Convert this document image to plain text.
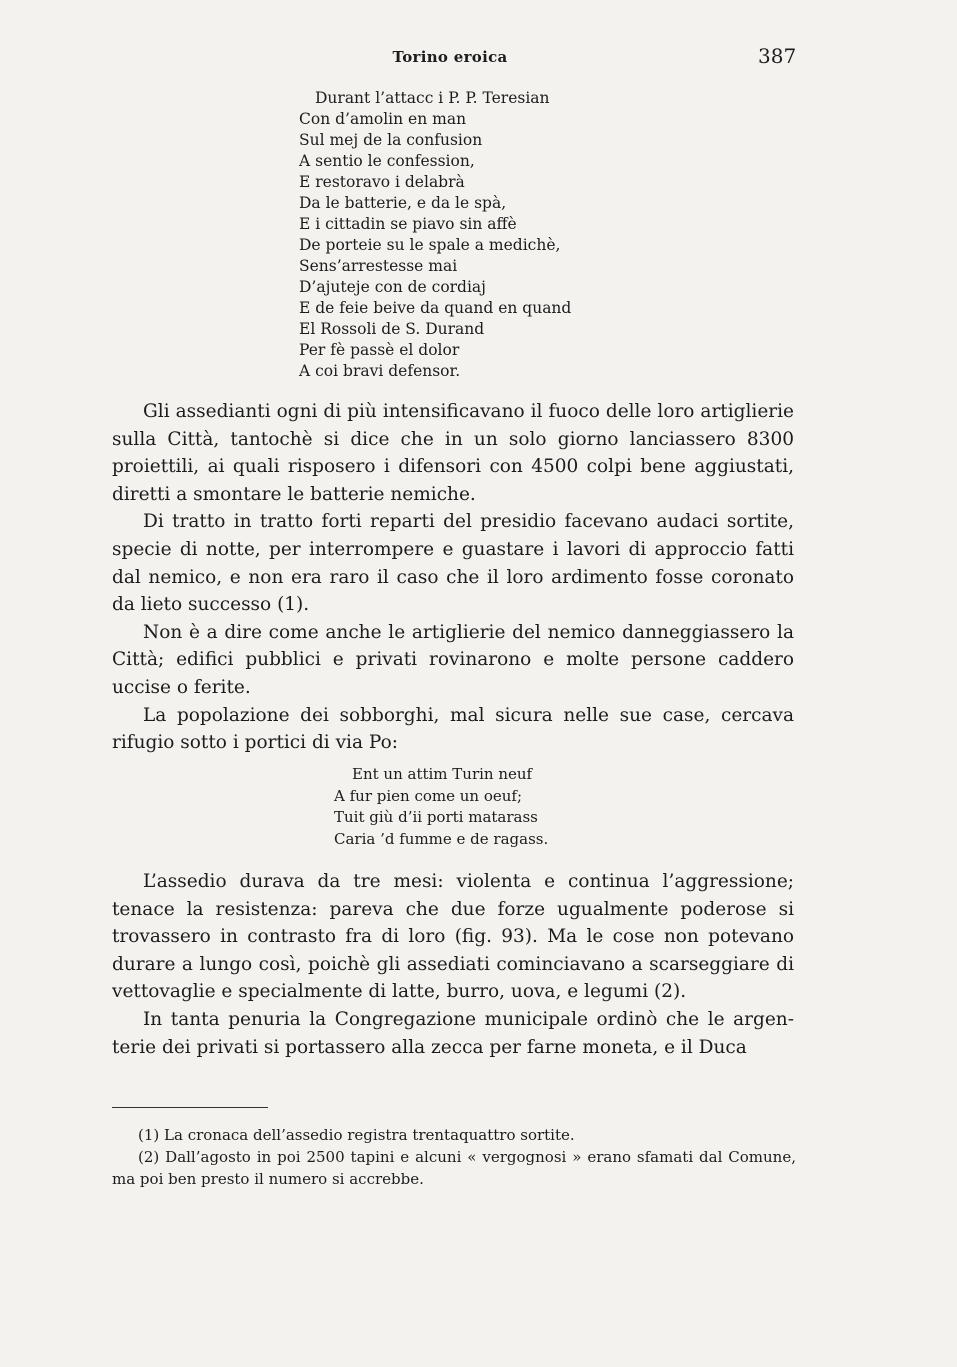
Torino eroica	387
Durant l’attacc i P. P. Teresian
Con d’amolin en man
Sul mej de la confusion
A sentio le confession,
E restoravo i delabrà
Da le batterie, e da le spà,
E i cittadin se piavo sin affè
De porteie su le spale a medichè,
Sens’arrestesse mai
D’ajuteje con de cordiaj
E de feie beive da quand en quand
El Rossoli de S. Durand
Per fè passè el dolor
A coi bravi defensor.

Gli assedianti ogni di più intensificavano il fuoco delle loro artiglierie sulla Città, tantochè si dice che in un solo giorno lanciassero 8300 proiettili, ai quali risposero i difensori con 4500 colpi bene aggiustati, diretti a smontare le batterie nemiche.

Di tratto in tratto forti reparti del presidio facevano audaci sortite, specie di notte, per interrompere e guastare i lavori di approccio fatti dal nemico, e non era raro il caso che il loro ardimento fosse coronato da lieto successo (1).

Non è a dire come anche le artiglierie del nemico danneggiassero la Città; edifici pubblici e privati rovinarono e molte persone caddero uccise o ferite.

La popolazione dei sobborghi, mal sicura nelle sue case, cercava rifugio sotto i portici di via Po:

Ent un attim Turin neuf
A fur pien come un oeuf;
Tuit giù d’ii porti matarass
Caria ’d fumme e de ragass.

L’assedio durava da tre mesi: violenta e continua l’aggressione; tenace la resistenza: pareva che due forze ugualmente poderose si trovassero in contrasto fra di loro (fig. 93). Ma le cose non potevano durare a lungo così, poichè gli assediati cominciavano a scarseggiare di vettovaglie e specialmente di latte, burro, uova, e legumi (2).

In tanta penuria la Congregazione municipale ordinò che le argenterie dei privati si portassero alla zecca per farne moneta, e il Duca

(1) La cronaca dell’assedio registra trentaquattro sortite.

(2) Dall’agosto in poi 2500 tapini e alcuni « vergognosi » erano sfamati dal Comune, ma poi ben presto il numero si accrebbe.
